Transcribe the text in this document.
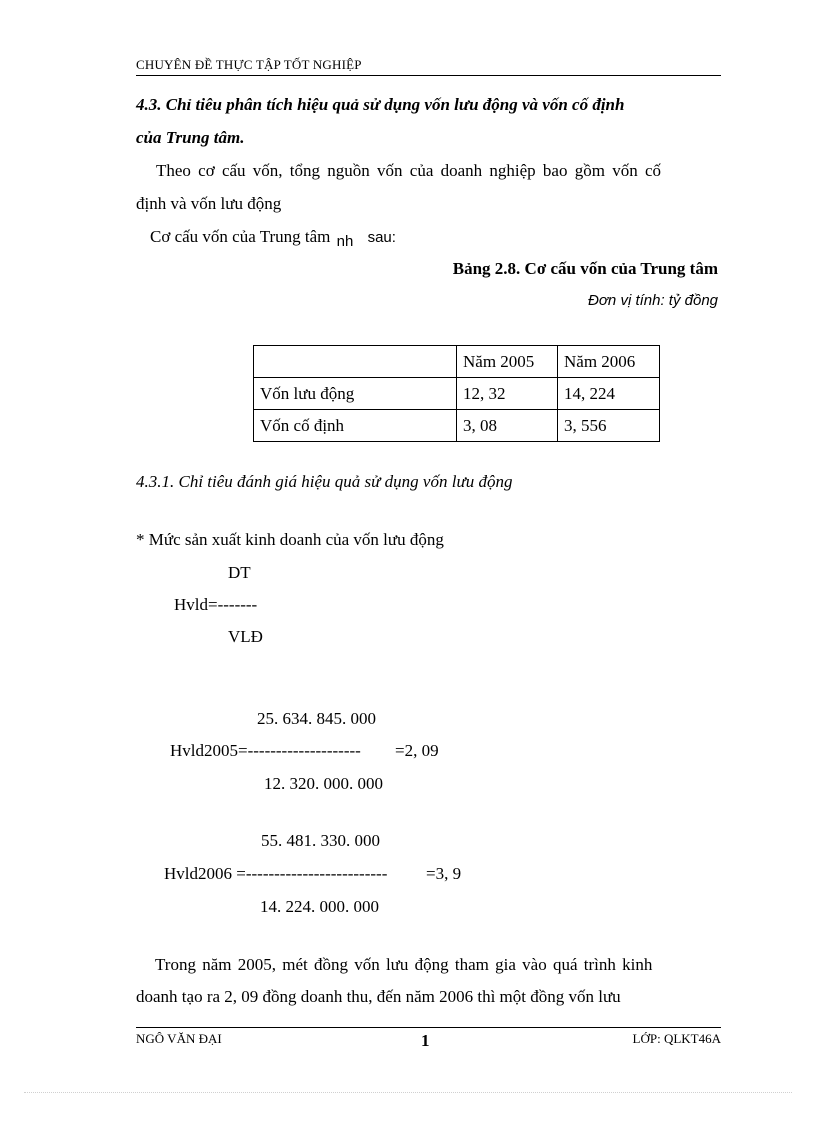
CHUYÊN ĐỀ THỰC TẬP TỐT NGHIỆP
4.3. Chỉ tiêu phân tích hiệu quả sử dụng vốn lưu động và vốn cố định
của Trung tâm.
Theo cơ cấu vốn, tổng nguồn vốn của doanh nghiệp bao gồm vốn cố
định và vốn lưu động
Cơ cấu vốn của Trung tâm nh sau:
Bảng 2.8. Cơ cấu vốn của Trung tâm
Đơn vị tính: tỷ đồng
	Năm 2005	Năm 2006
Vốn lưu động	12, 32	14, 224
Vốn cố định	3, 08	3, 556
4.3.1. Chỉ tiêu đánh giá hiệu quả sử dụng vốn lưu động
* Mức sản xuất kinh doanh của vốn lưu động
DT
Hvld=-------
VLĐ
25. 634. 845. 000
Hvld2005=-------------------- =2, 09
12. 320. 000. 000
55. 481. 330. 000
Hvld2006 =------------------------- =3, 9
14. 224. 000. 000
Trong năm 2005, mét đồng vốn lưu động tham gia vào quá trình kinh
doanh tạo ra 2, 09 đồng doanh thu, đến năm 2006 thì một đồng vốn lưu
NGÔ VĂN ĐẠI	1	LỚP: QLKT46A
